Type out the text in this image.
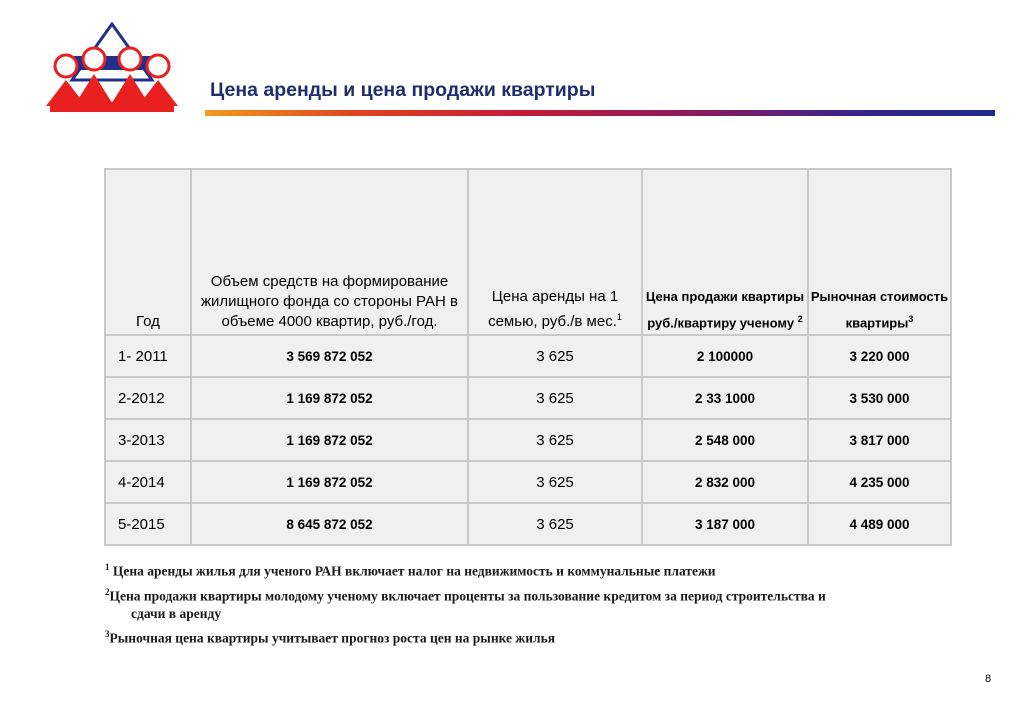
Цена аренды и цена продажи квартиры
Год	Объем средств на формирование жилищного фонда со стороны РАН в объеме 4000 квартир, руб./год.	Цена аренды на 1 семью, руб./в мес.$^1$	Цена продажи квартиры руб./квартиру ученому $^2$	Рыночная стоимость квартиры$^3$
1- 2011	3 569 872 052	3 625	2 100000	3 220 000
2-2012	1 169 872 052	3 625	2 33 1000	3 530 000
3-2013	1 169 872 052	3 625	2 548 000	3 817 000
4-2014	1 169 872 052	3 625	2 832 000	4 235 000
5-2015	8 645 872 052	3 625	3 187 000	4 489 000
$^1$ Цена аренды жилья для ученого РАН включает налог на недвижимость и коммунальные платежи
$^2$Цена продажи квартиры молодому ученому включает проценты за пользование кредитом за период строительства и
сдачи в аренду
$^3$Рыночная цена квартиры учитывает прогноз роста цен на рынке жилья
8
